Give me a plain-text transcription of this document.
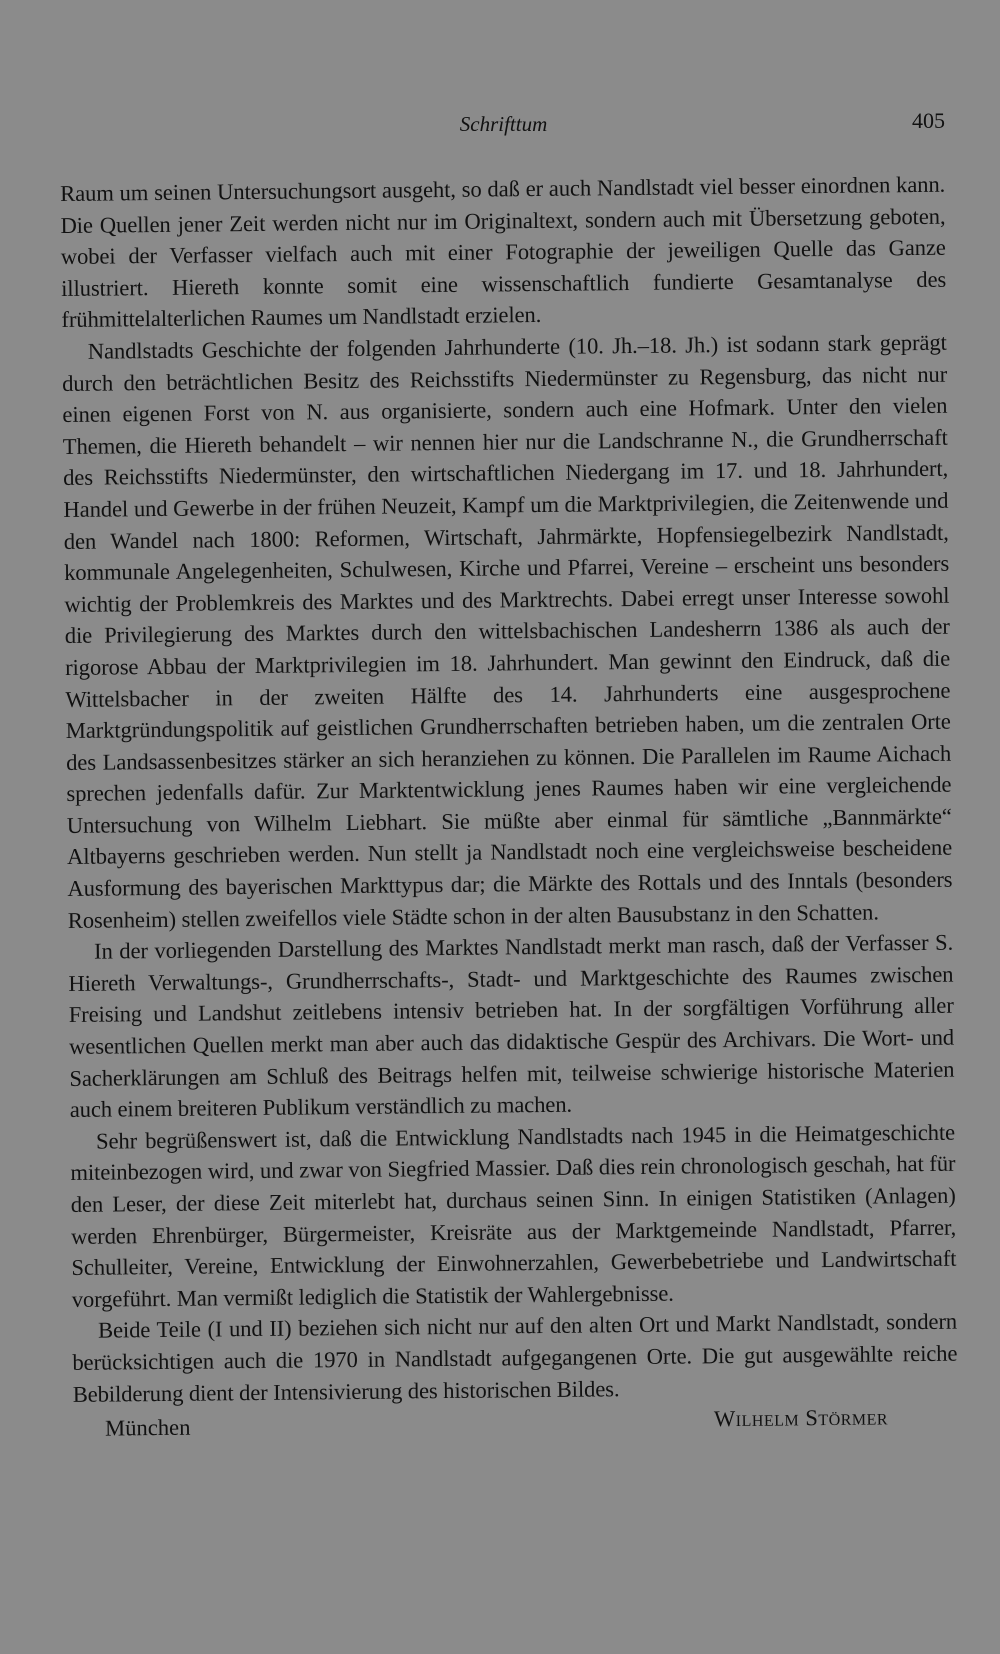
Schrifttum	405

Raum um seinen Untersuchungsort ausgeht, so daß er auch Nandlstadt viel besser einordnen kann. Die Quellen jener Zeit werden nicht nur im Originaltext, sondern auch mit Übersetzung geboten, wobei der Verfasser vielfach auch mit einer Fotographie der jeweiligen Quelle das Ganze illustriert. Hiereth konnte somit eine wissenschaftlich fundierte Gesamtanalyse des frühmittelalterlichen Raumes um Nandlstadt erzielen.

Nandlstadts Geschichte der folgenden Jahrhunderte (10. Jh.–18. Jh.) ist sodann stark geprägt durch den beträchtlichen Besitz des Reichsstifts Niedermünster zu Regensburg, das nicht nur einen eigenen Forst von N. aus organisierte, sondern auch eine Hofmark. Unter den vielen Themen, die Hiereth behandelt – wir nennen hier nur die Landschranne N., die Grundherrschaft des Reichsstifts Niedermünster, den wirtschaftlichen Niedergang im 17. und 18. Jahrhundert, Handel und Gewerbe in der frühen Neuzeit, Kampf um die Marktprivilegien, die Zeitenwende und den Wandel nach 1800: Reformen, Wirtschaft, Jahrmärkte, Hopfensiegelbezirk Nandlstadt, kommunale Angelegenheiten, Schulwesen, Kirche und Pfarrei, Vereine – erscheint uns besonders wichtig der Problemkreis des Marktes und des Marktrechts. Dabei erregt unser Interesse sowohl die Privilegierung des Marktes durch den wittelsbachischen Landesherrn 1386 als auch der rigorose Abbau der Marktprivilegien im 18. Jahrhundert. Man gewinnt den Eindruck, daß die Wittelsbacher in der zweiten Hälfte des 14. Jahrhunderts eine ausgesprochene Marktgründungspolitik auf geistlichen Grundherrschaften betrieben haben, um die zentralen Orte des Landsassenbesitzes stärker an sich heranziehen zu können. Die Parallelen im Raume Aichach sprechen jedenfalls dafür. Zur Marktentwicklung jenes Raumes haben wir eine vergleichende Untersuchung von Wilhelm Liebhart. Sie müßte aber einmal für sämtliche „Bannmärkte“ Altbayerns geschrieben werden. Nun stellt ja Nandlstadt noch eine vergleichsweise bescheidene Ausformung des bayerischen Markttypus dar; die Märkte des Rottals und des Inntals (besonders Rosenheim) stellen zweifellos viele Städte schon in der alten Bausubstanz in den Schatten.

In der vorliegenden Darstellung des Marktes Nandlstadt merkt man rasch, daß der Verfasser S. Hiereth Verwaltungs-, Grundherrschafts-, Stadt- und Marktgeschichte des Raumes zwischen Freising und Landshut zeitlebens intensiv betrieben hat. In der sorgfältigen Vorführung aller wesentlichen Quellen merkt man aber auch das didaktische Gespür des Archivars. Die Wort- und Sacherklärungen am Schluß des Beitrags helfen mit, teilweise schwierige historische Materien auch einem breiteren Publikum verständlich zu machen.

Sehr begrüßenswert ist, daß die Entwicklung Nandlstadts nach 1945 in die Heimatgeschichte miteinbezogen wird, und zwar von Siegfried Massier. Daß dies rein chronologisch geschah, hat für den Leser, der diese Zeit miterlebt hat, durchaus seinen Sinn. In einigen Statistiken (Anlagen) werden Ehrenbürger, Bürgermeister, Kreisräte aus der Marktgemeinde Nandlstadt, Pfarrer, Schulleiter, Vereine, Entwicklung der Einwohnerzahlen, Gewerbebetriebe und Landwirtschaft vorgeführt. Man vermißt lediglich die Statistik der Wahlergebnisse.

Beide Teile (I und II) beziehen sich nicht nur auf den alten Ort und Markt Nandlstadt, sondern berücksichtigen auch die 1970 in Nandlstadt aufgegangenen Orte. Die gut ausgewählte reiche Bebilderung dient der Intensivierung des historischen Bildes.

München	Wilhelm Störmer
